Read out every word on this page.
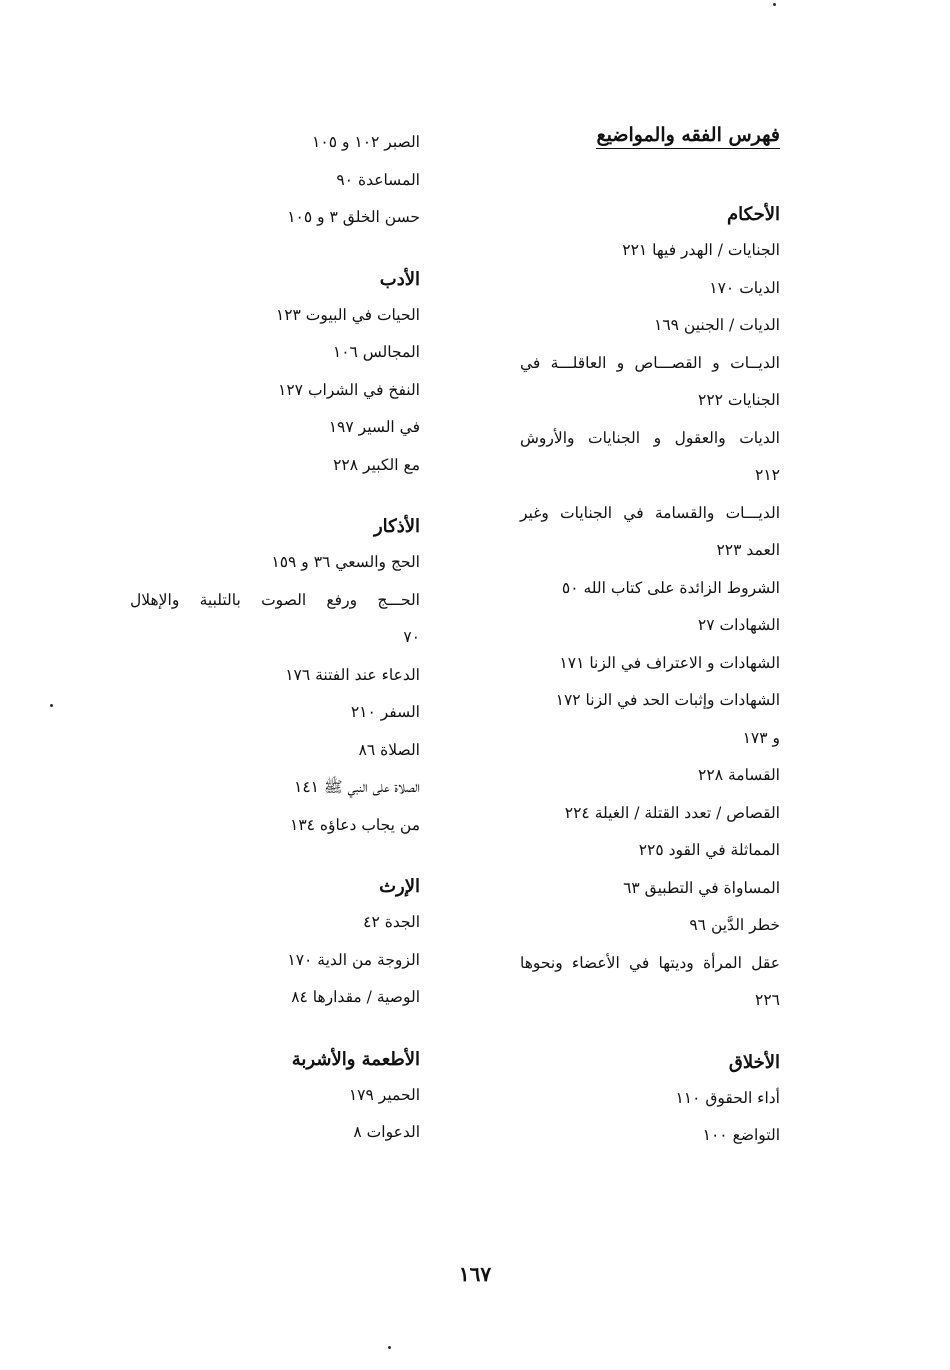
فهرس الفقه والمواضيع
الأحكام
الجنايات / الهدر فيها ٢٢١
الديات ١٧٠
الديات / الجنين ١٦٩
الديــات و القصـــاص و العاقلـــة في
الجنايات ٢٢٢
الديات والعقول و الجنايات والأروش
٢١٢
الديـــات والقسامة في الجنايات وغير
العمد ٢٢٣
الشروط الزائدة على كتاب الله ٥٠
الشهادات ٢٧
الشهادات و الاعتراف في الزنا ١٧١
الشهادات وإثبات الحد في الزنا ١٧٢
و ١٧٣
القسامة ٢٢٨
القصاص / تعدد القتلة / الغيلة ٢٢٤
المماثلة في القود ٢٢٥
المساواة في التطبيق ٦٣
خطر الدَّين ٩٦
عقل المرأة وديتها في الأعضاء ونحوها
٢٢٦
الأخلاق
أداء الحقوق ١١٠
التواضع ١٠٠
الصبر ١٠٢ و ١٠٥
المساعدة ٩٠
حسن الخلق ٣ و ١٠٥
الأدب
الحيات في البيوت ١٢٣
المجالس ١٠٦
النفخ في الشراب ١٢٧
في السير ١٩٧
مع الكبير ٢٢٨
الأذكار
الحج والسعي ٣٦ و ١٥٩
الحـــج ورفع الصوت بالتلبية والإهلال
٧٠
الدعاء عند الفتنة ١٧٦
السفر ٢١٠
الصلاة ٨٦
الصلاة على النبي ﷺ ١٤١
من يجاب دعاؤه ١٣٤
الإرث
الجدة ٤٢
الزوجة من الدية ١٧٠
الوصية / مقدارها ٨٤
الأطعمة والأشربة
الحمير ١٧٩
الدعوات ٨
١٦٧
